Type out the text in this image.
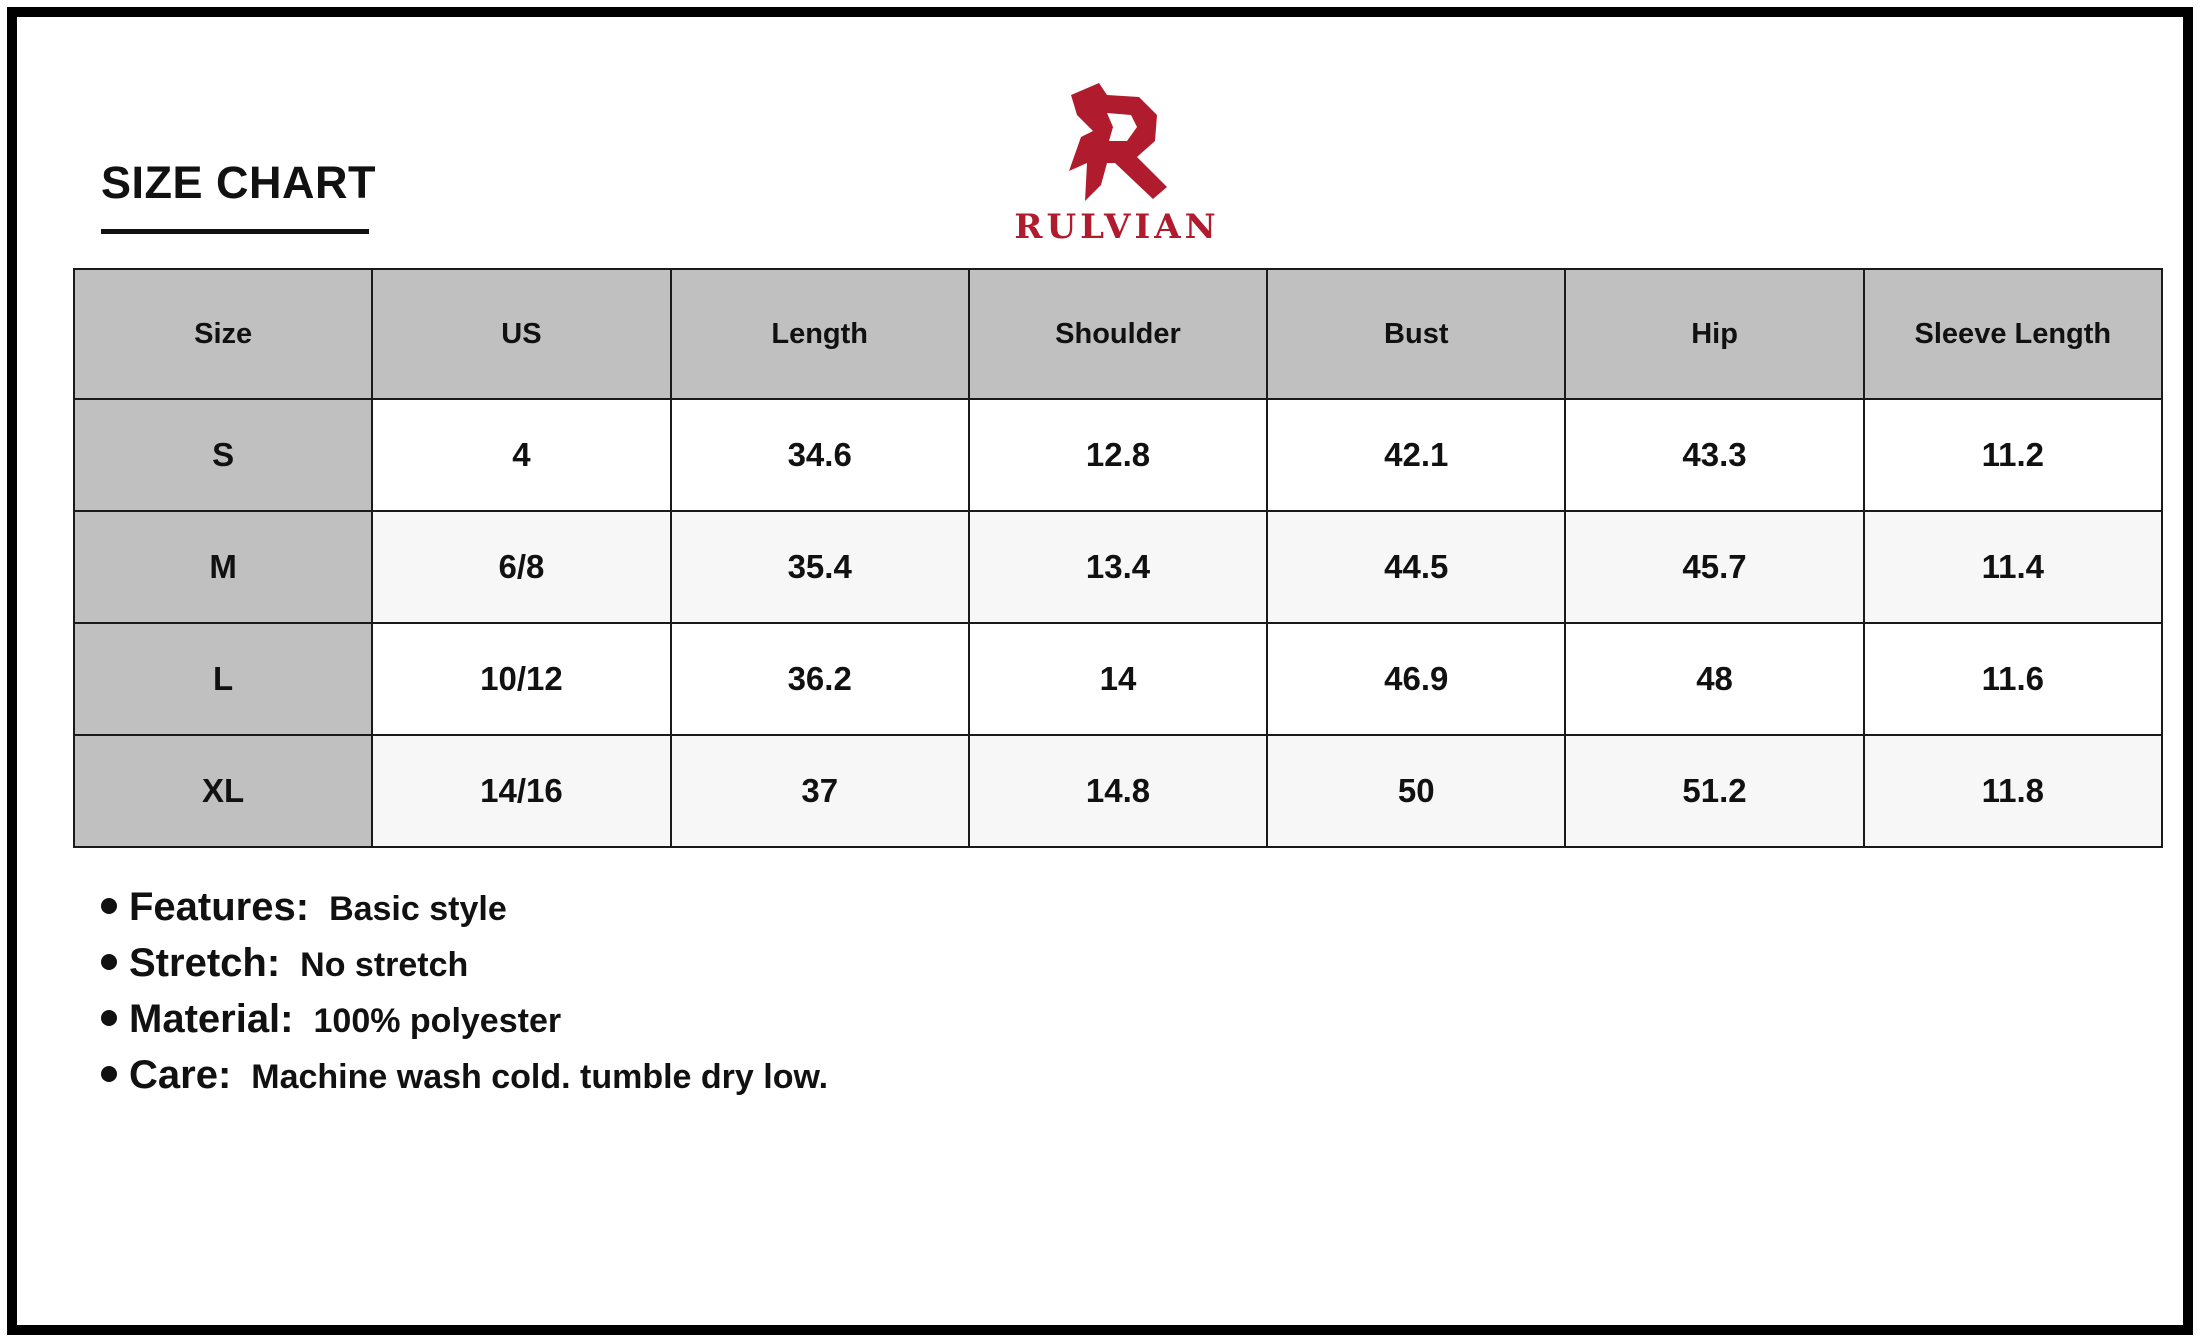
SIZE CHART
RULVIAN
Size	US	Length	Shoulder	Bust	Hip	Sleeve Length
S	4	34.6	12.8	42.1	43.3	11.2
M	6/8	35.4	13.4	44.5	45.7	11.4
L	10/12	36.2	14	46.9	48	11.6
XL	14/16	37	14.8	50	51.2	11.8
Features: Basic style
Stretch: No stretch
Material: 100% polyester
Care: Machine wash cold. tumble dry low.
